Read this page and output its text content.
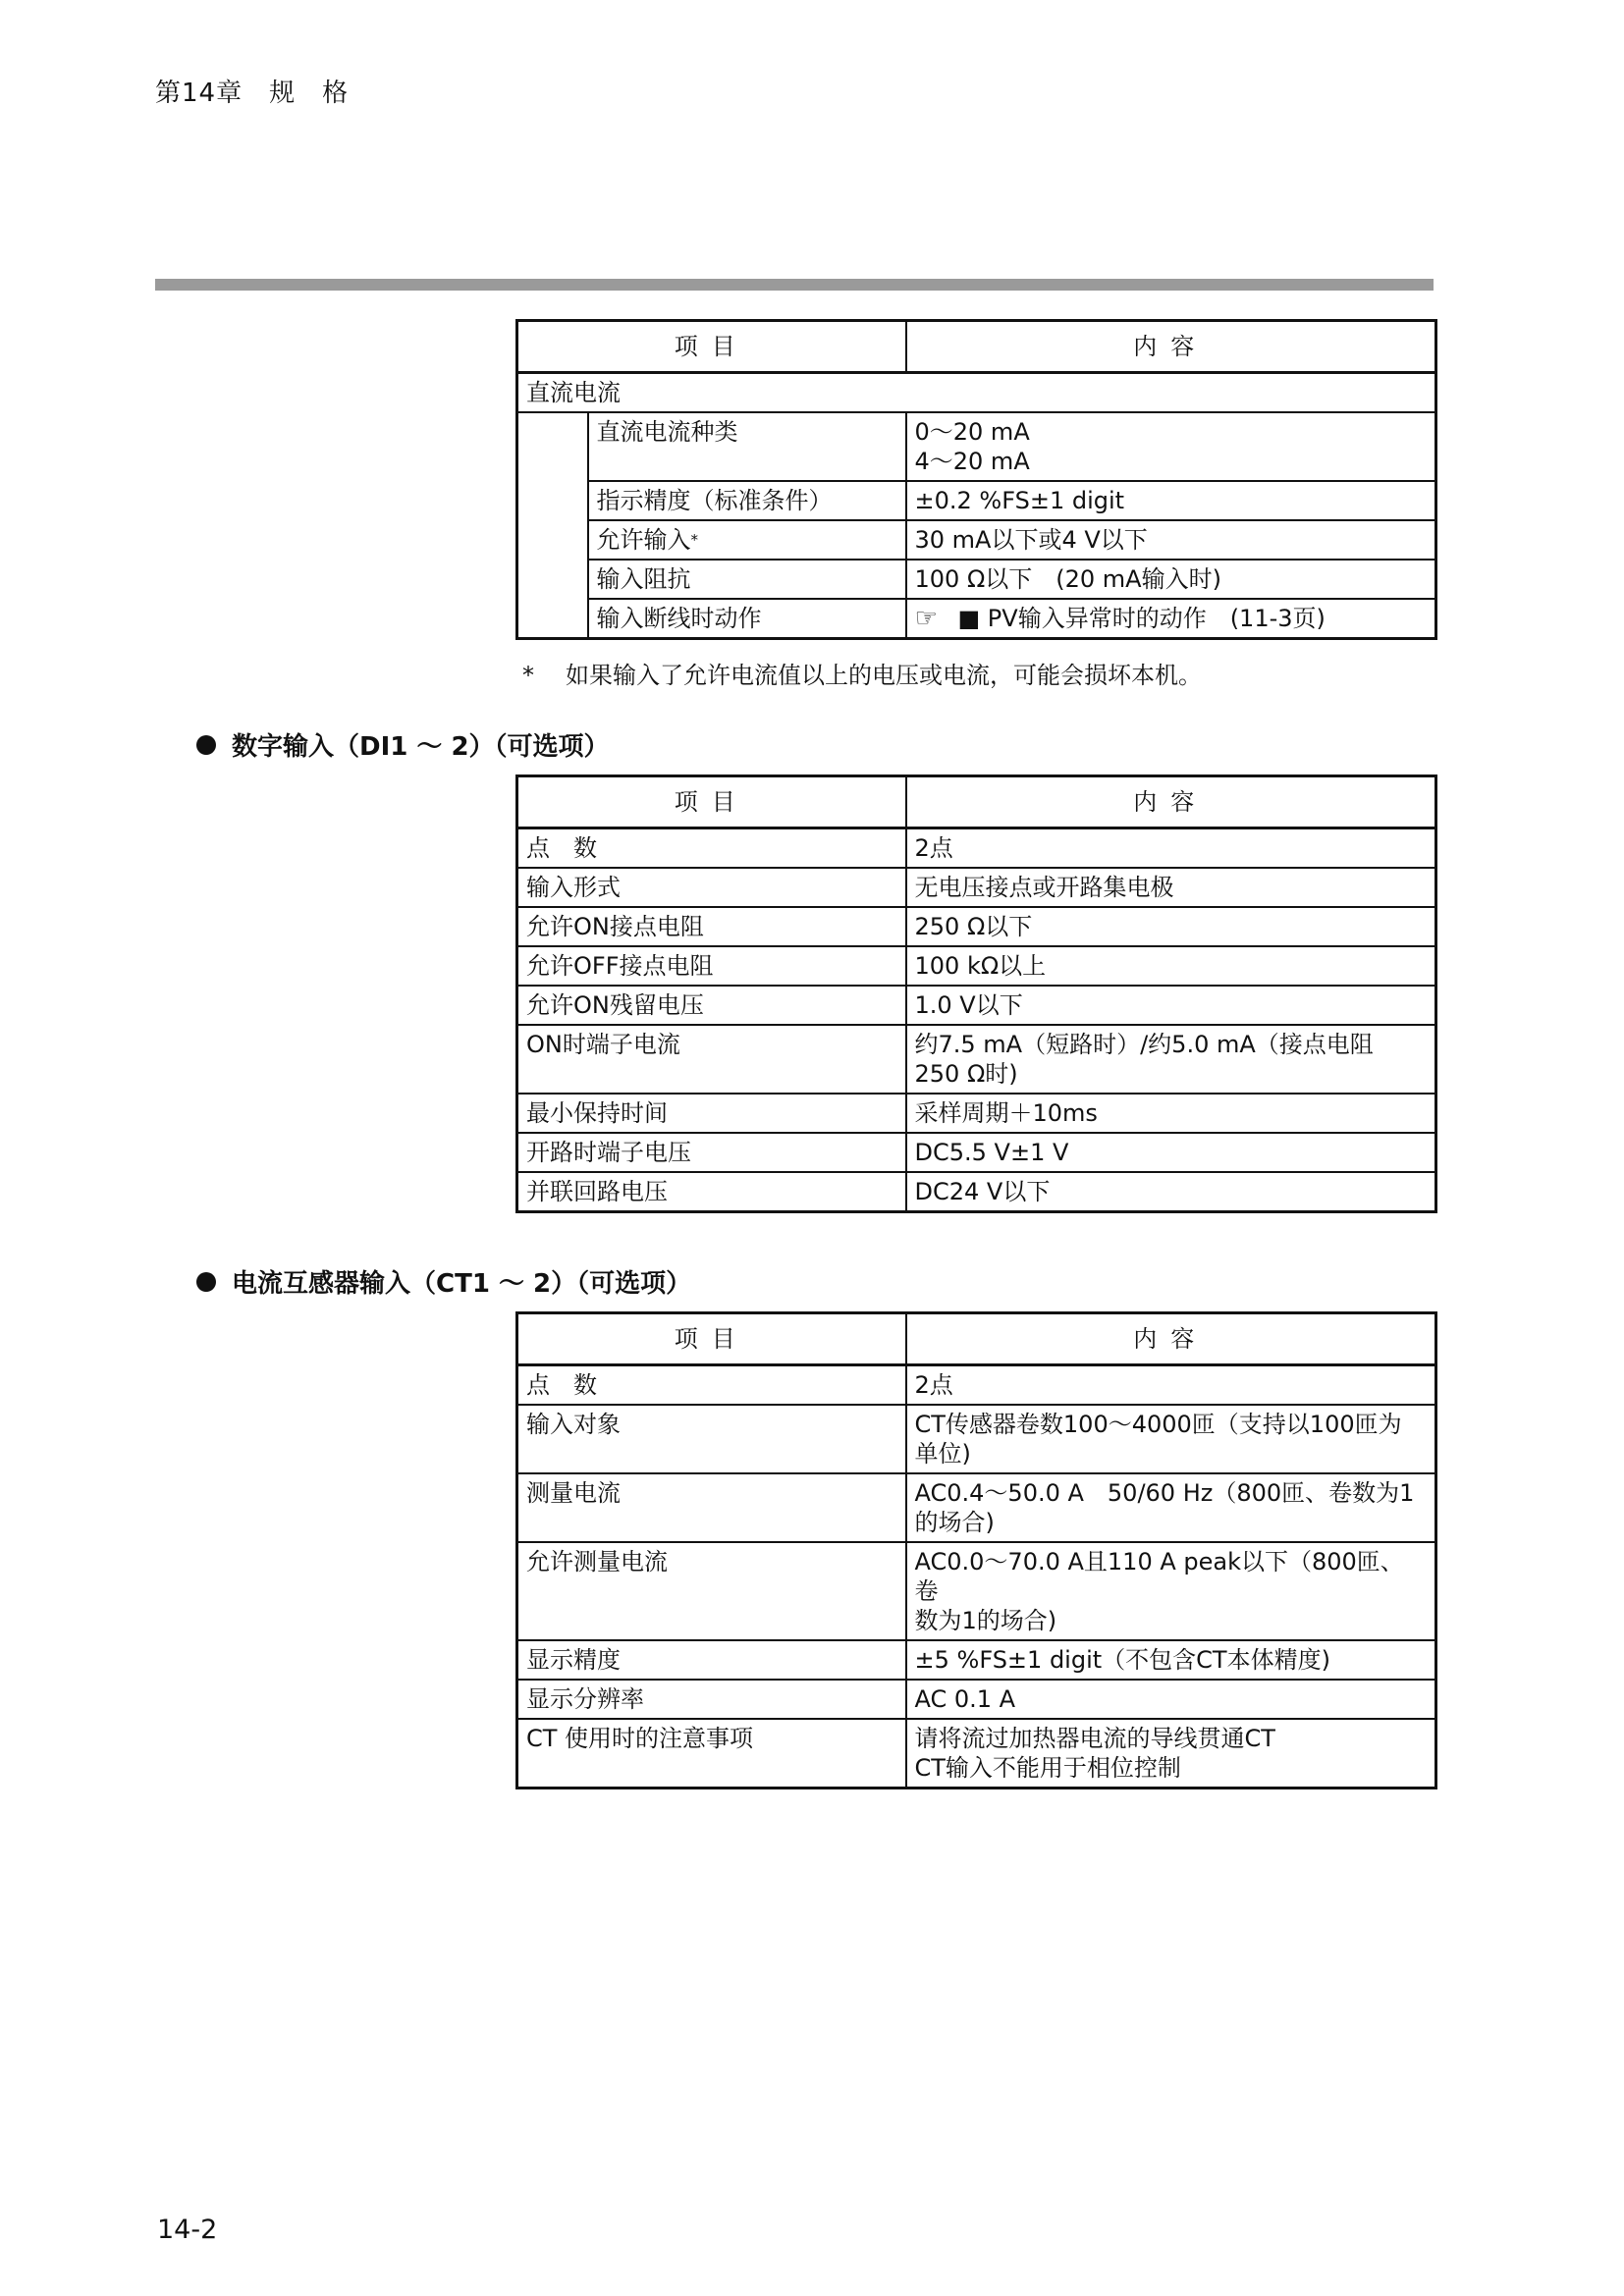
第14章　规　格
项目		内容
直流电流		
	直流电流种类	0～20 mA
4～20 mA

	指示精度（标准条件）	±0.2 %FS±1 digit
	允许输入*	30 mA以下或4 V以下
	输入阻抗	100 Ω以下　(20 mA输入时)
	输入断线时动作	☞ ■ PV输入异常时的动作　(11-3页)
* 如果输入了允许电流值以上的电压或电流，可能会损坏本机。
数字输入（DI1 ～ 2）（可选项）
项目	内容
点　数	2点
输入形式	无电压接点或开路集电极
允许ON接点电阻	250 Ω以下
允许OFF接点电阻	100 kΩ以上
允许ON残留电压	1.0 V以下
ON时端子电流	约7.5 mA（短路时）/约5.0 mA（接点电阻
250 Ω时)

最小保持时间	采样周期＋10ms
开路时端子电压	DC5.5 V±1 V
并联回路电压	DC24 V以下
电流互感器输入（CT1 ～ 2）（可选项）
项目	内容
点　数	2点
输入对象	CT传感器卷数100～4000匝（支持以100匝为
单位)

测量电流	AC0.4～50.0 A　50/60 Hz（800匝、卷数为1
的场合)

允许测量电流	AC0.0～70.0 A且110 A peak以下（800匝、卷
数为1的场合)

显示精度	±5 %FS±1 digit（不包含CT本体精度)
显示分辨率	AC 0.1 A
CT 使用时的注意事项	请将流过加热器电流的导线贯通CT
CT输入不能用于相位控制
14-2
